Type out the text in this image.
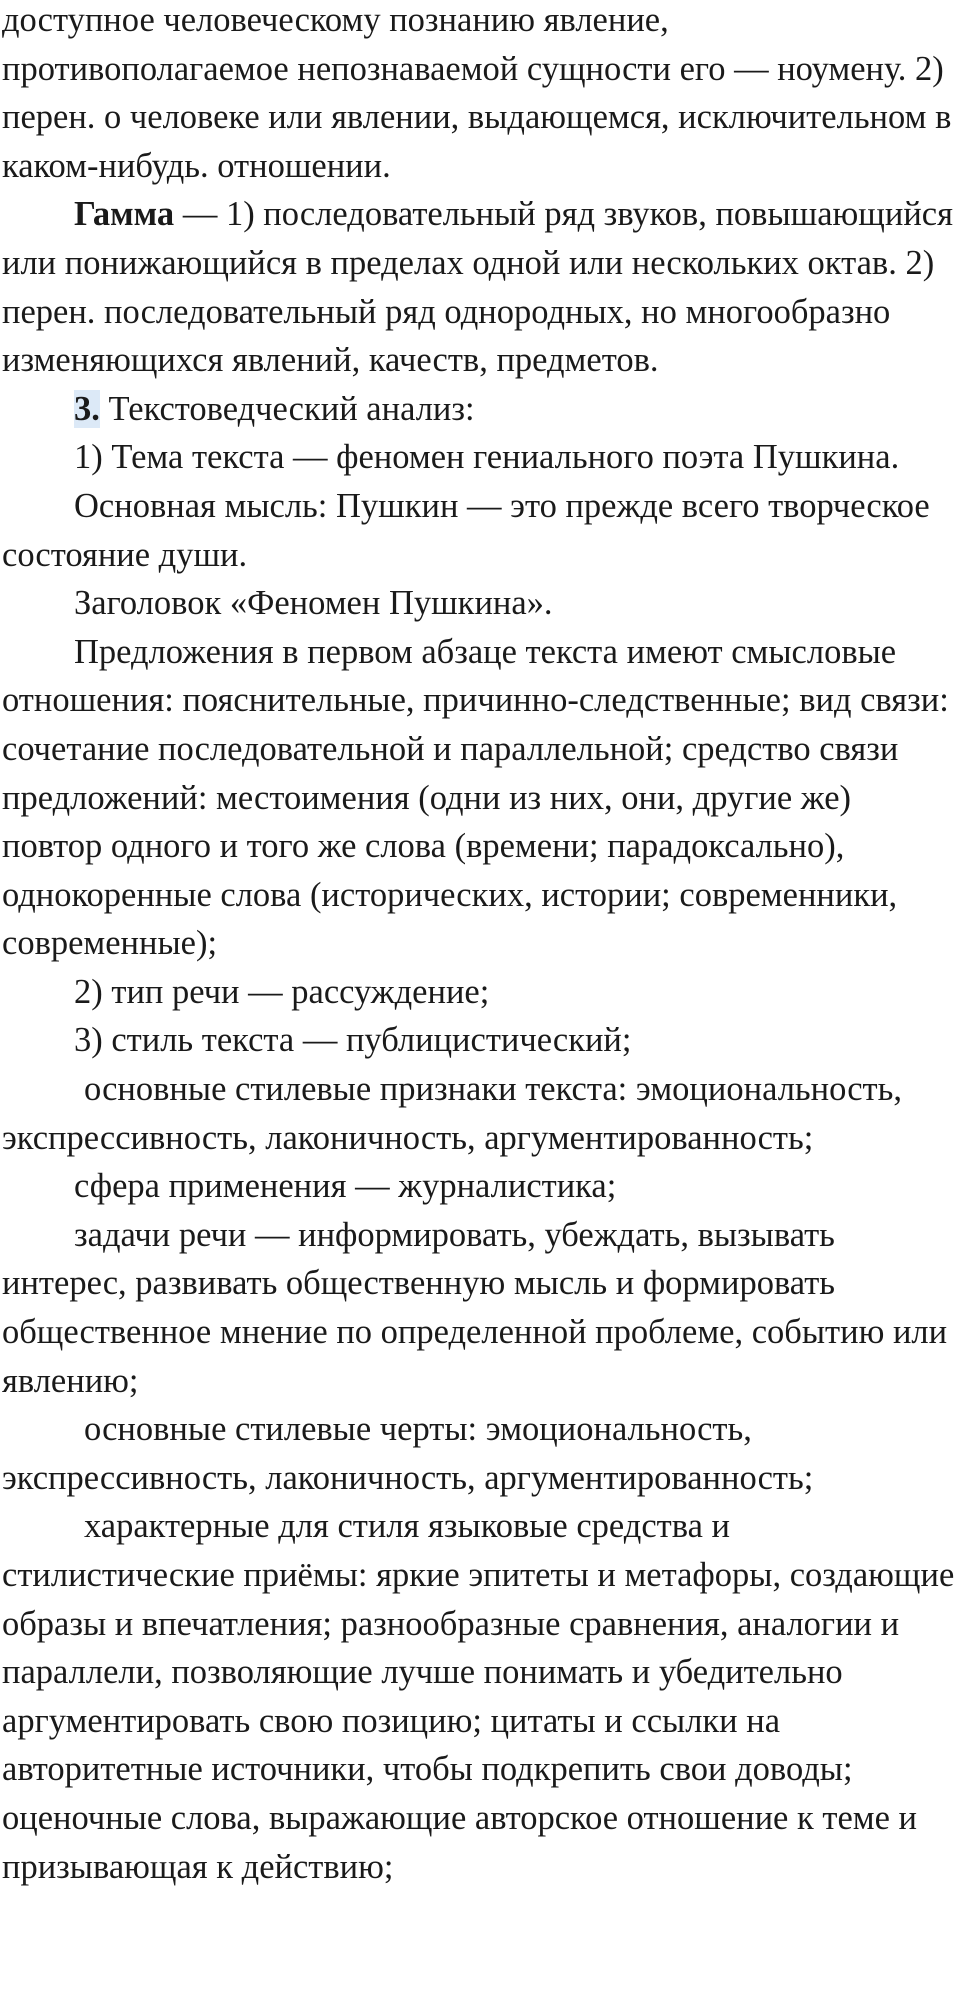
доступное человеческому познанию явление, противополагаемое непознаваемой сущности его — ноумену. 2) перен. о человеке или явлении, выдающемся, исключительном в каком-нибудь. отношении.

Гамма — 1) последовательный ряд звуков, повышающийся или понижающийся в пределах одной или нескольких октав. 2) перен. последовательный ряд однородных, но многообразно изменяющихся явлений, качеств, предметов.

3. Текстоведческий анализ:

1) Тема текста — феномен гениального поэта Пушкина.

Основная мысль: Пушкин — это прежде всего творческое состояние души.

Заголовок «Феномен Пушкина».

Предложения в первом абзаце текста имеют смысловые отношения: пояснительные, причинно-следственные; вид связи: сочетание последовательной и параллельной; средство связи предложений: местоимения (одни из них, они, другие же) повтор одного и того же слова (времени; парадоксально), однокоренные слова (исторических, истории; современники, современные);

2) тип речи — рассуждение;

3) стиль текста — публицистический;

основные стилевые признаки текста: эмоциональность, экспрессивность, лаконичность, аргументированность;

сфера применения — журналистика;

задачи речи — информировать, убеждать, вызывать интерес, развивать общественную мысль и формировать общественное мнение по определенной проблеме, событию или явлению;

основные стилевые черты: эмоциональность, экспрессивность, лаконичность, аргументированность;

характерные для стиля языковые средства и стилистические приёмы: яркие эпитеты и метафоры, создающие образы и впечатления; разнообразные сравнения, аналогии и параллели, позволяющие лучше понимать и убедительно аргументировать свою позицию; цитаты и ссылки на авторитетные источники, чтобы подкрепить свои доводы; оценочные слова, выражающие авторское отношение к теме и призывающая к действию;
